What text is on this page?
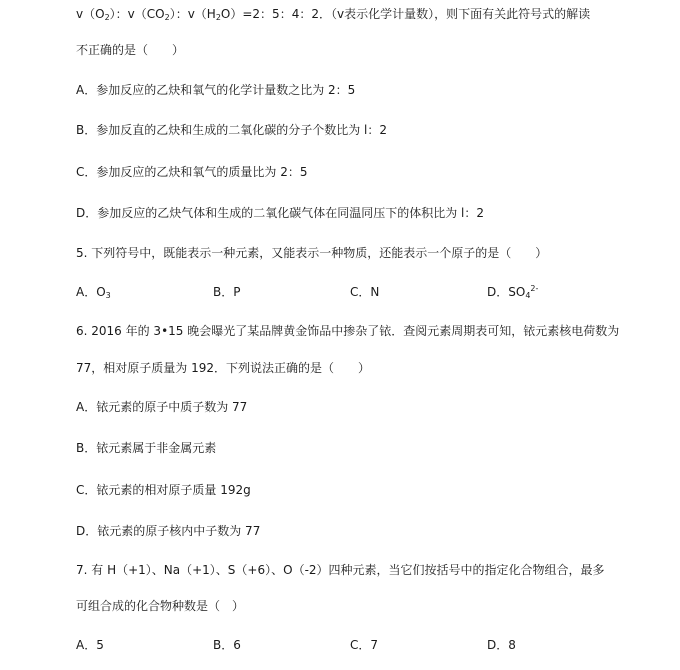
$v(O_2)$：$v(CO_2)$：$v(H_2O)=2$：5：4：2．（v表示化学计量数），则下面有关此符号式的解读
不正确的是（　　）
A．参加反应的乙炔和氧气的化学计量数之比为 2：5
B．参加反直的乙炔和生成的二氧化碳的分子个数比为 l：2
C．参加反应的乙炔和氧气的质量比为 2：5
D．参加反应的乙炔气体和生成的二氧化碳气体在同温同压下的体积比为 l：2
5. 下列符号中，既能表示一种元素，又能表示一种物质，还能表示一个原子的是（　　）
A．$O_3$	B．P	C．N	D．$SO_4^{2-}$
6. 2016 年的 3•15 晚会曝光了某品牌黄金饰品中掺杂了铱．查阅元素周期表可知，铱元素核电荷数为
77，相对原子质量为 192．下列说法正确的是（　　）
A．铱元素的原子中质子数为 77
B．铱元素属于非金属元素
C．铱元素的相对原子质量 192g
D．铱元素的原子核内中子数为 77
7. 有 H（+1）、Na（+1）、S（+6）、O（-2）四种元素，当它们按括号中的指定化合物组合，最多
可组合成的化合物种数是（　）
A．5	B．6	C．7	D．8
